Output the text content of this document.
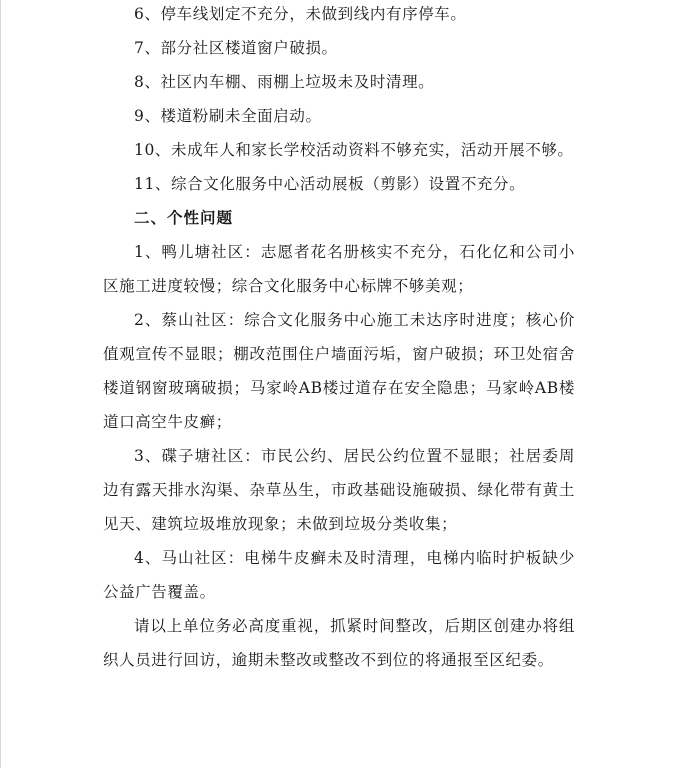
6、停车线划定不充分，未做到线内有序停车。

7、部分社区楼道窗户破损。

8、社区内车棚、雨棚上垃圾未及时清理。

9、楼道粉刷未全面启动。

10、未成年人和家长学校活动资料不够充实，活动开展不够。

11、综合文化服务中心活动展板（剪影）设置不充分。

二、个性问题

1、鸭儿塘社区：志愿者花名册核实不充分，石化亿和公司小区施工进度较慢；综合文化服务中心标牌不够美观；

2、蔡山社区：综合文化服务中心施工未达序时进度；核心价值观宣传不显眼；棚改范围住户墙面污垢，窗户破损；环卫处宿舍楼道钢窗玻璃破损；马家岭AB楼过道存在安全隐患；马家岭AB楼道口高空牛皮癣；

3、碟子塘社区：市民公约、居民公约位置不显眼；社居委周边有露天排水沟渠、杂草丛生，市政基础设施破损、绿化带有黄土见天、建筑垃圾堆放现象；未做到垃圾分类收集；

4、马山社区：电梯牛皮癣未及时清理，电梯内临时护板缺少公益广告覆盖。

请以上单位务必高度重视，抓紧时间整改，后期区创建办将组织人员进行回访，逾期未整改或整改不到位的将通报至区纪委。
